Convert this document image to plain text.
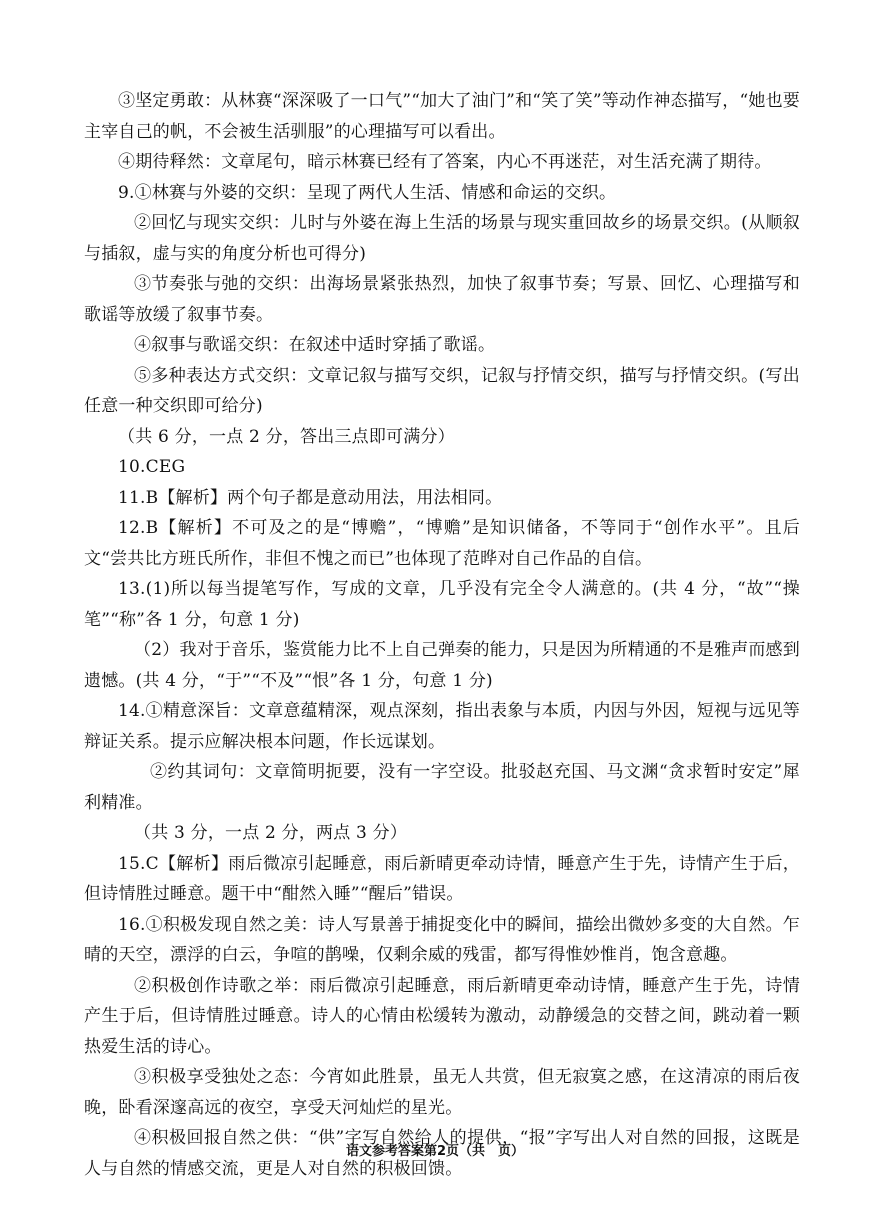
③坚定勇敢：从林赛“深深吸了一口气”“加大了油门”和“笑了笑”等动作神态描写，“她也要主宰自己的帆，不会被生活驯服”的心理描写可以看出。

④期待释然：文章尾句，暗示林赛已经有了答案，内心不再迷茫，对生活充满了期待。

9.①林赛与外婆的交织：呈现了两代人生活、情感和命运的交织。

②回忆与现实交织：儿时与外婆在海上生活的场景与现实重回故乡的场景交织。(从顺叙与插叙，虚与实的角度分析也可得分)

③节奏张与弛的交织：出海场景紧张热烈，加快了叙事节奏；写景、回忆、心理描写和歌谣等放缓了叙事节奏。

④叙事与歌谣交织：在叙述中适时穿插了歌谣。

⑤多种表达方式交织：文章记叙与描写交织，记叙与抒情交织，描写与抒情交织。(写出任意一种交织即可给分)

（共 6 分，一点 2 分，答出三点即可满分）

10.CEG

11.B【解析】两个句子都是意动用法，用法相同。

12.B【解析】不可及之的是“博赡”，“博赡”是知识储备，不等同于“创作水平”。且后文“尝共比方班氏所作，非但不愧之而已”也体现了范晔对自己作品的自信。

13.(1)所以每当提笔写作，写成的文章，几乎没有完全令人满意的。(共 4 分，“故”“操笔”“称”各 1 分，句意 1 分)

（2）我对于音乐，鉴赏能力比不上自己弹奏的能力，只是因为所精通的不是雅声而感到遗憾。(共 4 分，“于”“不及”“恨”各 1 分，句意 1 分)

14.①精意深旨：文章意蕴精深，观点深刻，指出表象与本质，内因与外因，短视与远见等辩证关系。提示应解决根本问题，作长远谋划。

②约其词句：文章简明扼要，没有一字空设。批驳赵充国、马文渊“贪求暂时安定”犀利精准。

（共 3 分，一点 2 分，两点 3 分）

15.C【解析】雨后微凉引起睡意，雨后新晴更牵动诗情，睡意产生于先，诗情产生于后，但诗情胜过睡意。题干中“酣然入睡”“醒后”错误。

16.①积极发现自然之美：诗人写景善于捕捉变化中的瞬间，描绘出微妙多变的大自然。乍晴的天空，漂浮的白云，争喧的鹊噪，仅剩余威的残雷，都写得惟妙惟肖，饱含意趣。

②积极创作诗歌之举：雨后微凉引起睡意，雨后新晴更牵动诗情，睡意产生于先，诗情产生于后，但诗情胜过睡意。诗人的心情由松缓转为激动，动静缓急的交替之间，跳动着一颗热爱生活的诗心。

③积极享受独处之态：今宵如此胜景，虽无人共赏，但无寂寞之感，在这清凉的雨后夜晚，卧看深邃高远的夜空，享受天河灿烂的星光。

④积极回报自然之供：“供”字写自然给人的提供，“报”字写出人对自然的回报，这既是人与自然的情感交流，更是人对自然的积极回馈。

语文参考答案第2页（共　页）
